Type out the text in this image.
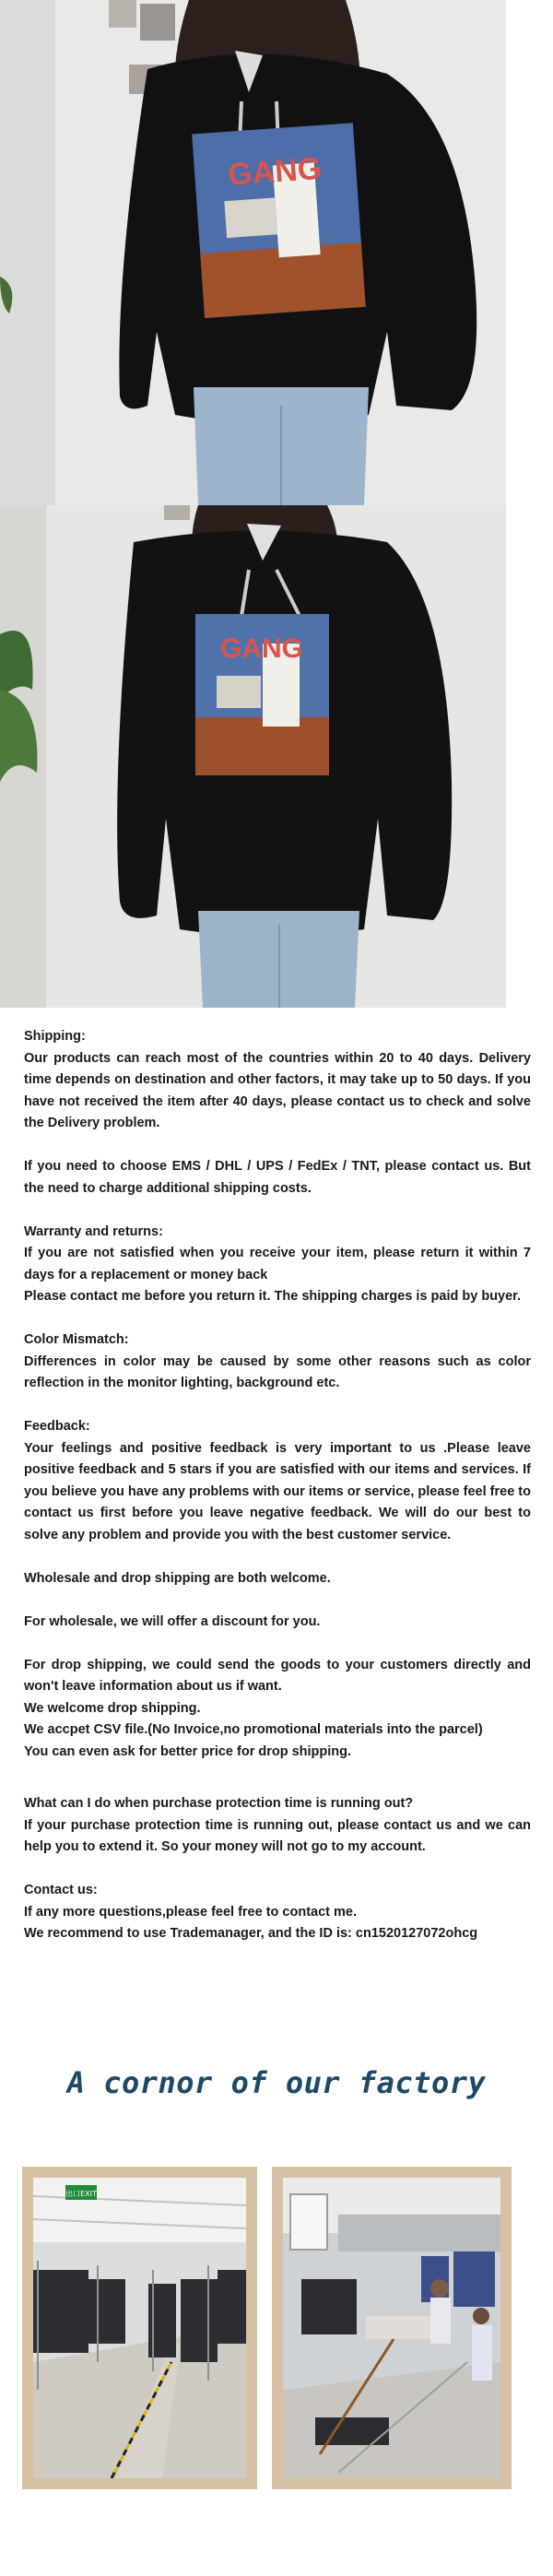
GANG
GANG

Shipping:

Our products can reach most of the countries within 20 to 40 days. Delivery time depends on destination and other factors, it may take up to 50 days. If you have not received the item after 40 days, please contact us to check and solve the Delivery problem.

If you need to choose EMS / DHL / UPS / FedEx / TNT, please contact us. But the need to charge additional shipping costs.

Warranty and returns:

If you are not satisfied when you receive your item, please return it within 7 days for a replacement or money back

Please contact me before you return it. The shipping charges is paid by buyer.

Color Mismatch:

Differences in color may be caused by some other reasons such as color reflection in the monitor lighting, background etc.

Feedback:

Your feelings and positive feedback is very important to us .Please leave positive feedback and 5 stars if you are satisfied with our items and services. If you believe you have any problems with our items or service, please feel free to contact us first before you leave negative feedback. We will do our best to solve any problem and provide you with the best customer service.

Wholesale and drop shipping are both welcome.

For wholesale, we will offer a discount for you.

For drop shipping, we could send the goods to your customers directly and won't leave information about us if want.

We welcome drop shipping.

We accpet CSV file.(No Invoice,no promotional materials into the parcel)

You can even ask for better price for drop shipping.

What can I do when purchase protection time is running out?

If your purchase protection time is running out, please contact us and we can help you to extend it. So your money will not go to my account.

Contact us:

If any more questions,please feel free to contact me.

We recommend to use Trademanager, and the ID is: cn1520127072ohcg

A cornor of our factory
出口EXIT
